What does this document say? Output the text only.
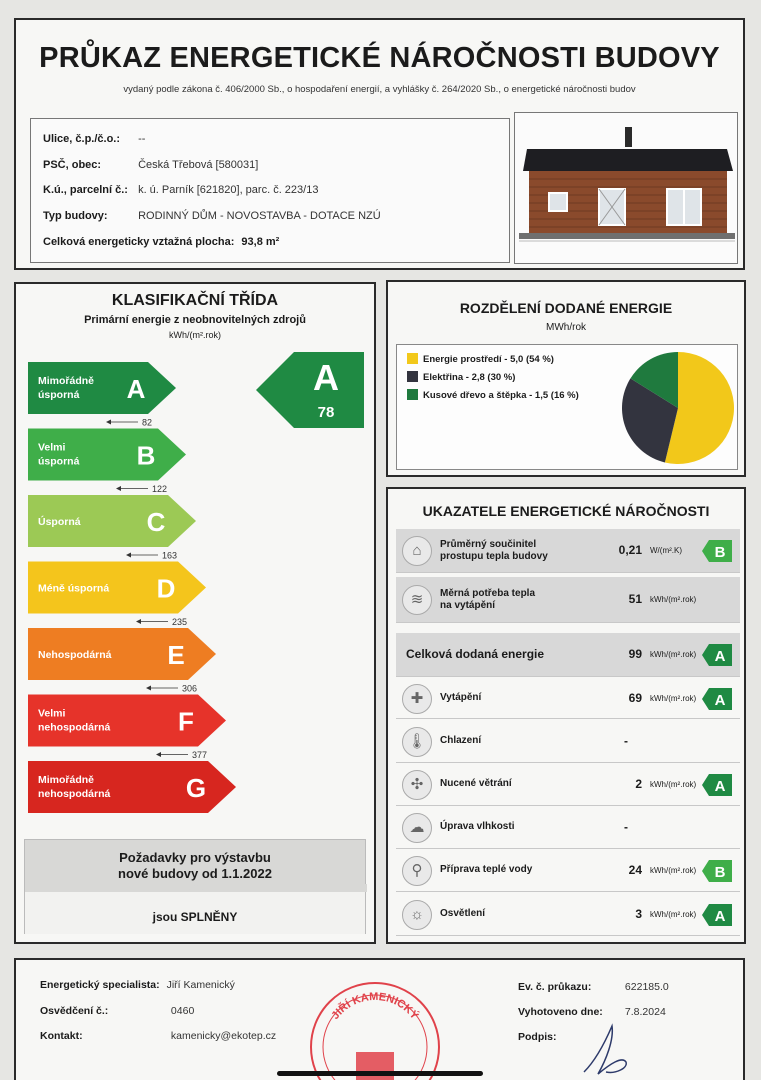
PRŮKAZ ENERGETICKÉ NÁROČNOSTI BUDOVY
vydaný podle zákona č. 406/2000 Sb., o hospodaření energií, a vyhlášky č. 264/2020 Sb., o energetické náročnosti budov
Ulice, č.p./č.o.: --
PSČ, obec:	Česká Třebová [580031]
K.ú., parcelní č.: k. ú. Parník [621820], parc. č. 223/13
Typ budovy:	RODINNÝ DŮM - NOVOSTAVBA - DOTACE NZÚ
Celková energeticky vztažná plocha: 93,8 m²
KLASIFIKAČNÍ TŘÍDA
Primární energie z neobnovitelných zdrojů
kWh/(m².rok)
Mimořádně
úsporná A
82
Velmi
úsporná B
122
Úsporná	C
163
Méně úsporná D
235
Nehospodárná E
306
Velmi
nehospodárná	F
377
Mimořádně
nehospodárná	G
A
78
Požadavky pro výstavbu
nové budovy od 1.1.2022
jsou SPLNĚNY
ROZDĚLENÍ DODANÉ ENERGIE
MWh/rok
Energie prostředí - 5,0 (54 %)
Elektřina - 2,8 (30 %)
Kusové dřevo a štěpka - 1,5 (16 %)
UKAZATELE ENERGETICKÉ NÁROČNOSTI
⌂	Průměrný součinitel
prostupu tepla budovy	0,21 W/(m².K) B
≋	Měrná potřeba tepla
na vytápění	51 kWh/(m².rok)
Celková dodaná energie	99 kWh/(m².rok) A
✚	Vytápění	69 kWh/(m².rok) A
🌡	Chlazení	-
✣	Nucené větrání	2 kWh/(m².rok) A
☁	Úprava vlhkosti	-
⚲	Příprava teplé vody	24 kWh/(m².rok) B
☼	Osvětlení	3 kWh/(m².rok) A
JIŘÍ KAMENICKÝ
Energetický specialista: Jiří Kamenický
Osvědčení č.:	0460
Kontakt:	kamenicky@ekotep.cz
Ev. č. průkazu:	622185.0
Vyhotoveno dne: 7.8.2024
Podpis:
